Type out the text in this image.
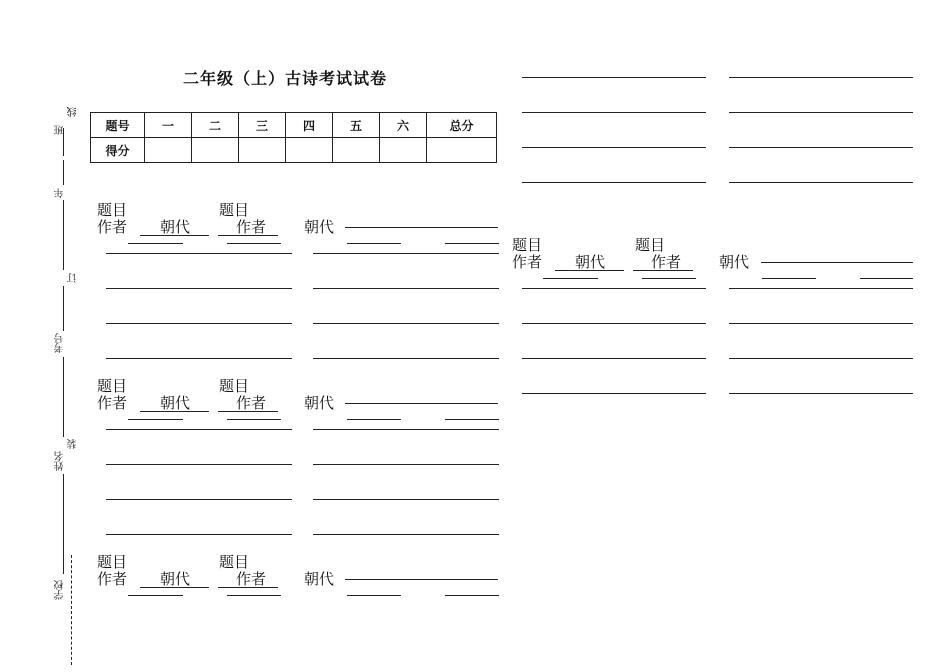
班
线
年
订
考号
装
姓名
学校
二年级（上）古诗考试试卷
题号	一	二	三	四	五	六	总分
得分							
题目	题目
作者	朝代	作者	朝代
题目	题目
作者	朝代	作者	朝代
题目	题目
作者	朝代	作者	朝代
题目	题目
作者	朝代	作者	朝代
